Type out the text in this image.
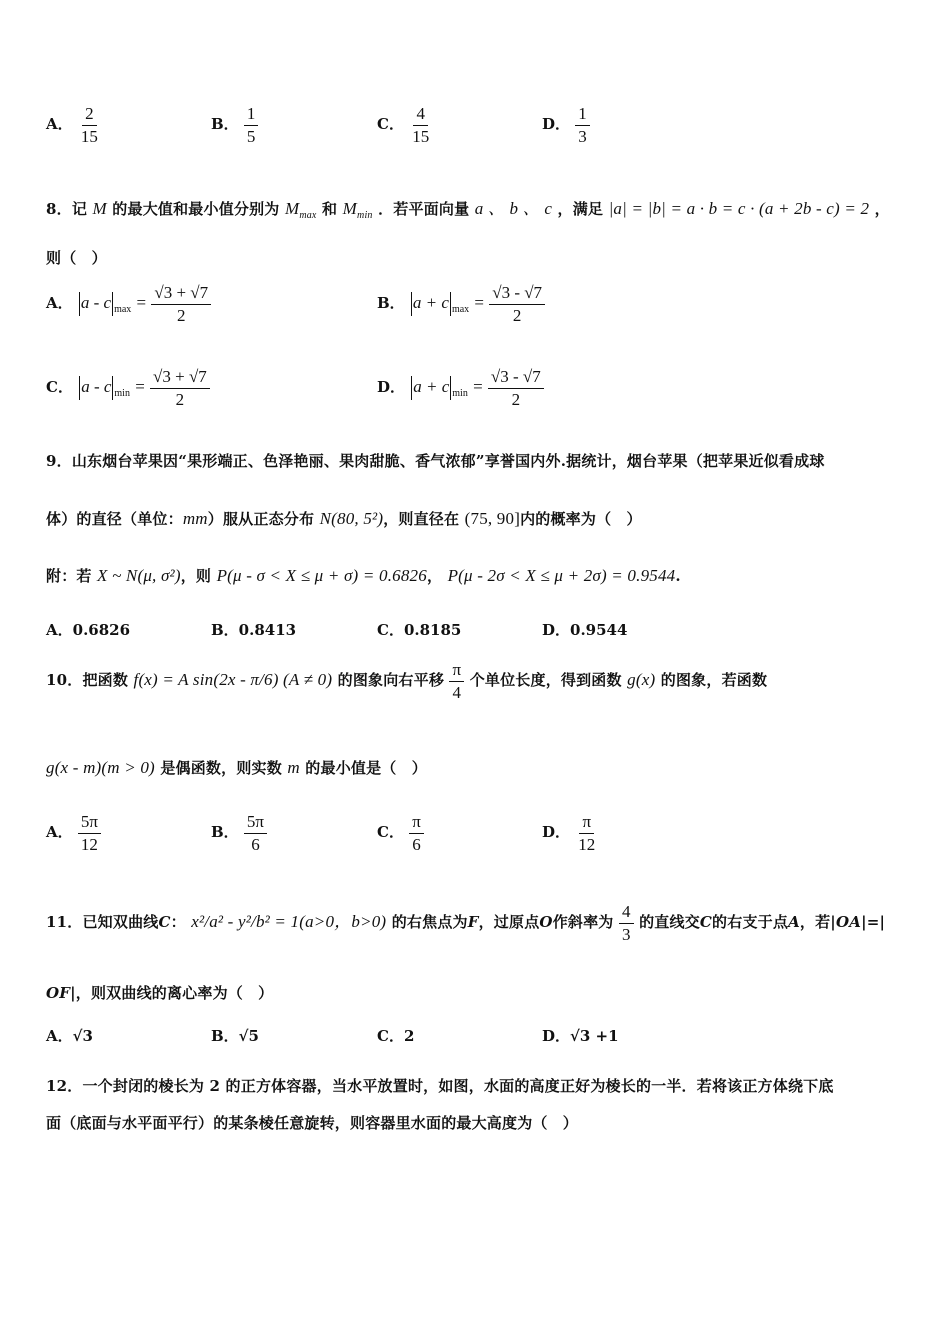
A． $\frac{2}{15}$	B． $\frac{1}{5}$	C． $\frac{4}{15}$	D． $\frac{1}{3}$
8．记 M 的最大值和最小值分别为 $M_{max}$ 和 $M_{min}$ ．若平面向量 a 、 b 、 c ，满足 |a| = |b| = a · b = c · (a + 2b - c) = 2 ，
则（　）
A． a - c $_{max} = \frac{√3 + √7}{2}$	B． a + c $_{max} = \frac{√3 - √7}{2}$
C． a - c $_{min} = \frac{√3 + √7}{2}$	D． a + c $_{min} = \frac{√3 - √7}{2}$
9．山东烟台苹果因“果形端正、色泽艳丽、果肉甜脆、香气浓郁”享誉国内外.据统计，烟台苹果（把苹果近似看成球
体）的直径（单位：mm）服从正态分布 N(80, 5²)，则直径在 (75, 90]内的概率为（　）
附：若 X ~ N(μ, σ²)，则 P(μ - σ < X ≤ μ + σ) = 0.6826， P(μ - 2σ < X ≤ μ + 2σ) = 0.9544.
A．0.6826	B．0.8413	C．0.8185	D．0.9544
10．把函数 f(x) = A sin(2x - π/6) (A ≠ 0) 的图象向右平移 $\frac{\pi}{4}$ 个单位长度，得到函数 g(x) 的图象，若函数
g(x - m)(m > 0) 是偶函数，则实数 m 的最小值是（　）
A． $\frac{5\pi}{12}$	B． $\frac{5\pi}{6}$	C． $\frac{\pi}{6}$	D． $\frac{\pi}{12}$
11．已知双曲线C： x²/a² - y²/b² = 1(a>0，b>0) 的右焦点为F，过原点O作斜率为 $\frac{4}{3}$ 的直线交C的右支于点A，若|OA|=|
OF|，则双曲线的离心率为（　）
A．√3	B．√5	C．2	D．√3 +1
12．一个封闭的棱长为 2 的正方体容器，当水平放置时，如图，水面的高度正好为棱长的一半．若将该正方体绕下底
面（底面与水平面平行）的某条棱任意旋转，则容器里水面的最大高度为（　）
